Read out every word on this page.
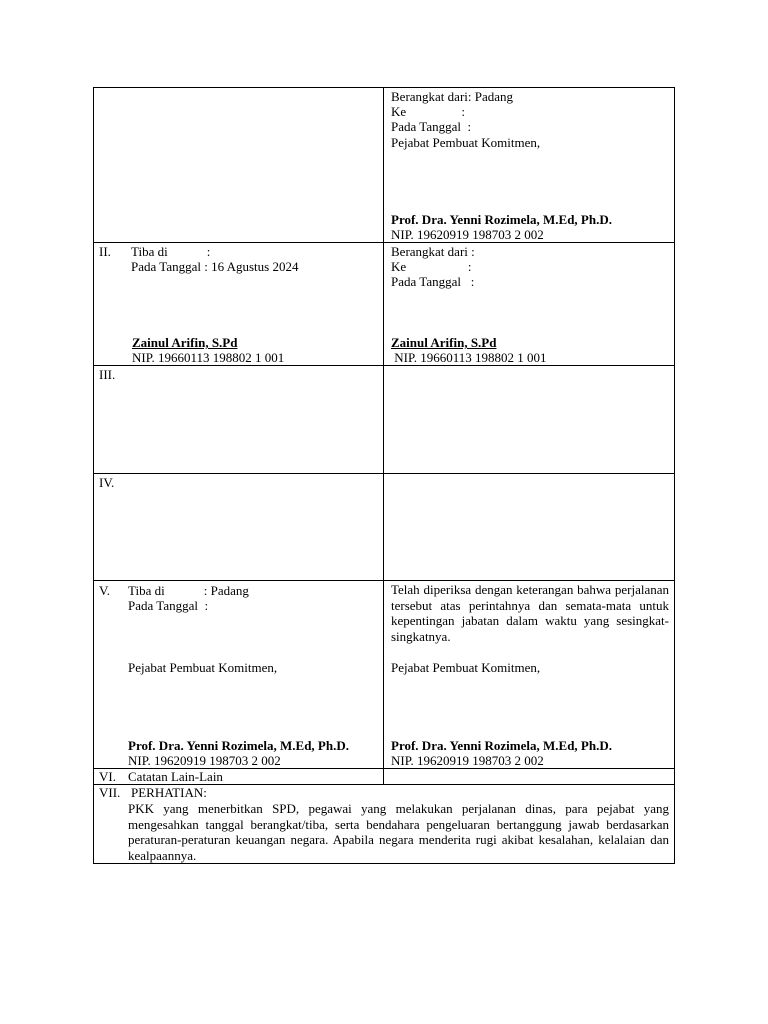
Berangkat dari: Padang
Ke                 :
Pada Tanggal  :
Pejabat Pembuat Komitmen,
Prof. Dra. Yenni Rozimela, M.Ed, Ph.D.
NIP. 19620919 198703 2 002
II. Tiba di            :
Pada Tanggal : 16 Agustus 2024
Zainul Arifin, S.Pd
NIP. 19660113 198802 1 001
Berangkat dari :
Ke                   :
Pada Tanggal   :
Zainul Arifin, S.Pd
NIP. 19660113 198802 1 001
III.
IV.
V. Tiba di            : Padang
Pada Tanggal  :
Pejabat Pembuat Komitmen,
Prof. Dra. Yenni Rozimela, M.Ed, Ph.D.
NIP. 19620919 198703 2 002
Telah diperiksa dengan keterangan bahwa perjalanan tersebut atas perintahnya dan semata-mata untuk kepentingan jabatan dalam waktu yang sesingkat-singkatnya.
Pejabat Pembuat Komitmen,
Prof. Dra. Yenni Rozimela, M.Ed, Ph.D.
NIP. 19620919 198703 2 002
VI. Catatan Lain-Lain
VII. PERHATIAN:
PKK yang menerbitkan SPD, pegawai yang melakukan perjalanan dinas, para pejabat yang mengesahkan tanggal berangkat/tiba, serta bendahara pengeluaran bertanggung jawab berdasarkan peraturan-peraturan keuangan negara. Apabila negara menderita rugi akibat kesalahan, kelalaian dan kealpaannya.
